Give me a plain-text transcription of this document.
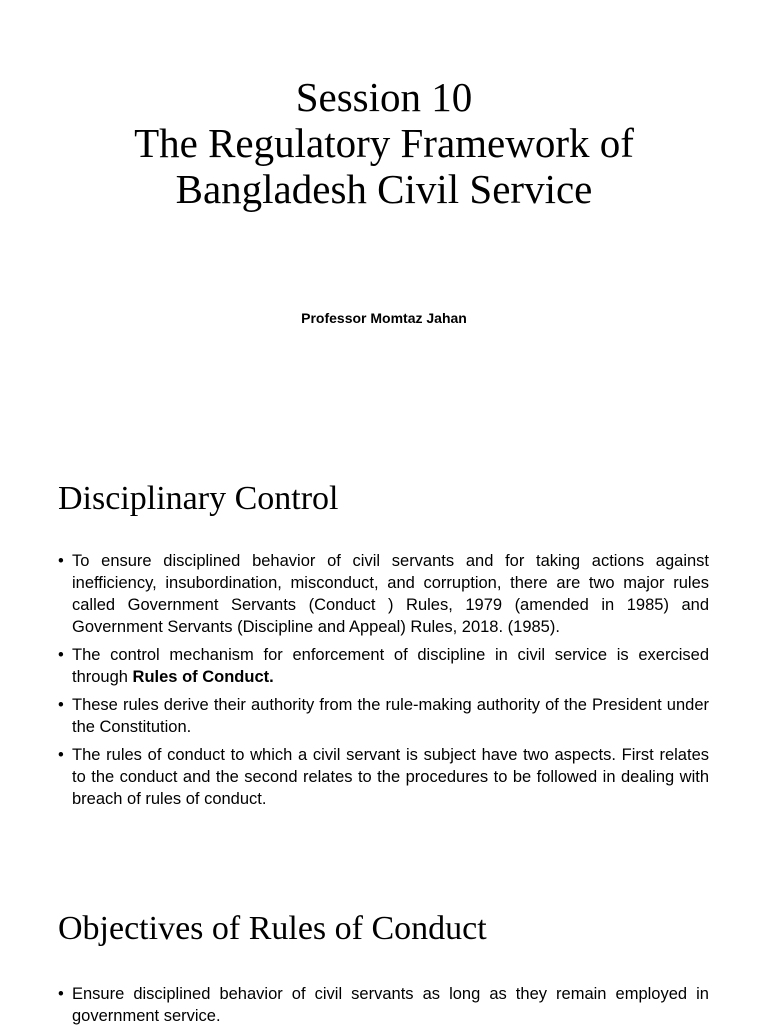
Session 10
The Regulatory Framework of
Bangladesh Civil Service
Professor Momtaz Jahan
Disciplinary Control
• To ensure disciplined behavior of civil servants and for taking actions against inefficiency, insubordination, misconduct, and corruption, there are two major rules called Government Servants (Conduct ) Rules, 1979 (amended in 1985) and Government Servants (Discipline and Appeal) Rules, 2018. (1985).
• The control mechanism for enforcement of discipline in civil service is exercised through Rules of Conduct.
• These rules derive their authority from the rule-making authority of the President under the Constitution.
• The rules of conduct to which a civil servant is subject have two aspects. First relates to the conduct and the second relates to the procedures to be followed in dealing with breach of rules of conduct.
Objectives of Rules of Conduct
• Ensure disciplined behavior of civil servants as long as they remain employed in government service.
